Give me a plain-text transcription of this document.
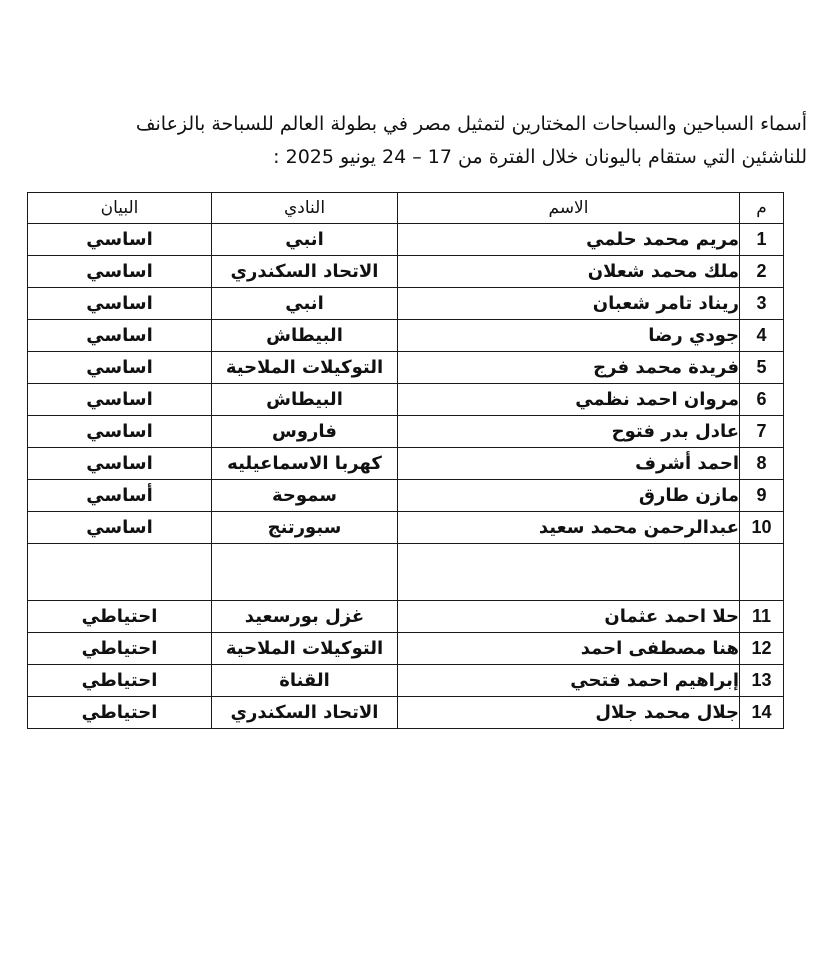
أسماء السباحين والسباحات المختارين لتمثيل مصر في بطولة العالم للسباحة بالزعانف
للناشئين التي ستقام باليونان خلال الفترة من 17 – 24 يونيو 2025 :
م	الاسم	النادي	البيان
1	مريم محمد حلمي	انبي	اساسي
2	ملك محمد شعلان	الاتحاد السكندري	اساسي
3	ريناد تامر شعبان	انبي	اساسي
4	جودي رضا	البيطاش	اساسي
5	فريدة محمد فرج	التوكيلات الملاحية	اساسي
6	مروان احمد نظمي	البيطاش	اساسي
7	عادل بدر فتوح	فاروس	اساسي
8	احمد أشرف	كهربا الاسماعيليه	اساسي
9	مازن طارق	سموحة	أساسي
10	عبدالرحمن محمد سعيد	سبورتنج	اساسي

11	حلا احمد عثمان	غزل بورسعيد	احتياطي
12	هنا مصطفى احمد	التوكيلات الملاحية	احتياطي
13	إبراهيم احمد فتحي	القناة	احتياطي
14	جلال محمد جلال	الاتحاد السكندري	احتياطي
